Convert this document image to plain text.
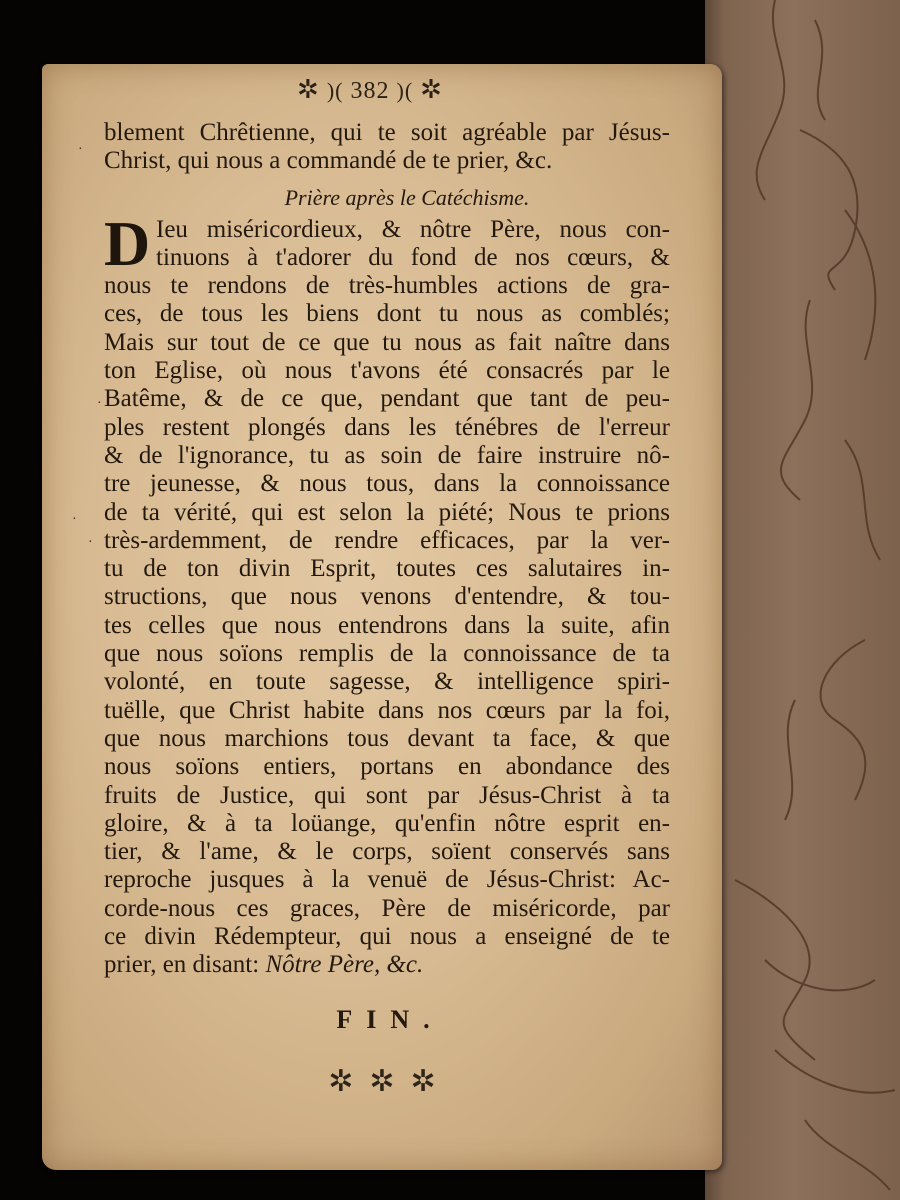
✲ )( 382 )( ✲
blement Chrêtienne, qui te soit agréable par Jésus-
Christ, qui nous a commandé de te prier, &c.
Prière après le Catéchisme.
D Ieu miséricordieux, & nôtre Père, nous con-
tinuons à t'adorer du fond de nos cœurs, &
nous te rendons de très-humbles actions de gra-
ces, de tous les biens dont tu nous as comblés;
Mais sur tout de ce que tu nous as fait naître dans
ton Eglise, où nous t'avons été consacrés par le
Batême, & de ce que, pendant que tant de peu-
ples restent plongés dans les ténébres de l'erreur
& de l'ignorance, tu as soin de faire instruire nô-
tre jeunesse, & nous tous, dans la connoissance
de ta vérité, qui est selon la piété; Nous te prions
très-ardemment, de rendre efficaces, par la ver-
tu de ton divin Esprit, toutes ces salutaires in-
structions, que nous venons d'entendre, & tou-
tes celles que nous entendrons dans la suite, afin
que nous soïons remplis de la connoissance de ta
volonté, en toute sagesse, & intelligence spiri-
tuëlle, que Christ habite dans nos cœurs par la foi,
que nous marchions tous devant ta face, & que
nous soïons entiers, portans en abondance des
fruits de Justice, qui sont par Jésus-Christ à ta
gloire, & à ta loüange, qu'enfin nôtre esprit en-
tier, & l'ame, & le corps, soïent conservés sans
reproche jusques à la venuë de Jésus-Christ: Ac-
corde-nous ces graces, Père de miséricorde, par
ce divin Rédempteur, qui nous a enseigné de te
prier, en disant: Nôtre Père, &c.
FIN.
✲✲✲
·
·
·
·
